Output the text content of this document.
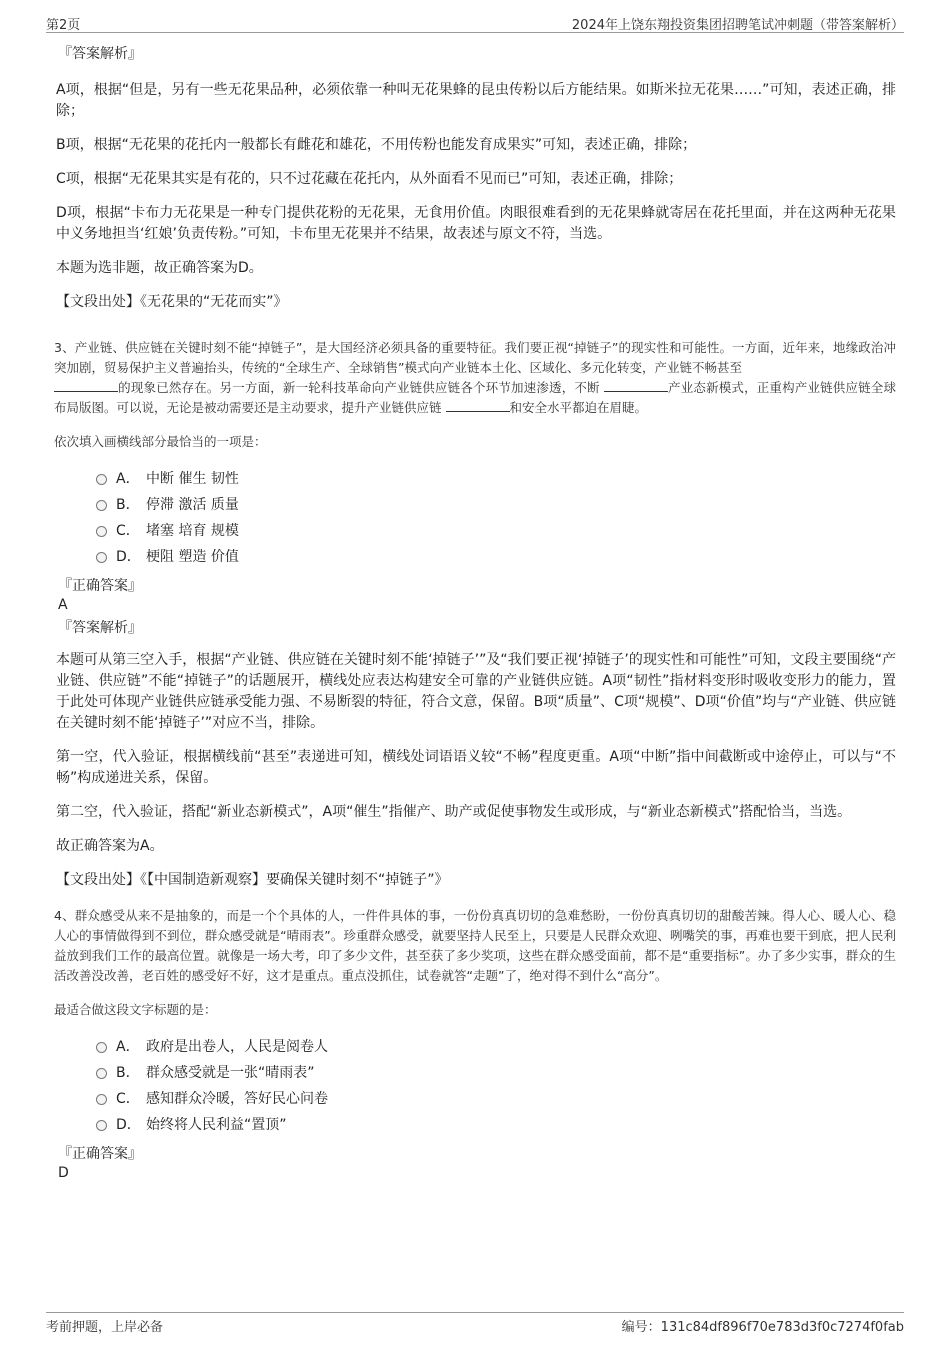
第2页	2024年上饶东翔投资集团招聘笔试冲刺题（带答案解析）
『答案解析』

A项，根据“但是，另有一些无花果品种，必须依靠一种叫无花果蜂的昆虫传粉以后方能结果。如斯米拉无花果……”可知，表述正确，排除；

B项，根据“无花果的花托内一般都长有雌花和雄花，不用传粉也能发育成果实”可知，表述正确，排除；

C项，根据“无花果其实是有花的，只不过花藏在花托内，从外面看不见而已”可知，表述正确，排除；

D项，根据“卡布力无花果是一种专门提供花粉的无花果，无食用价值。肉眼很难看到的无花果蜂就寄居在花托里面，并在这两种无花果中义务地担当‘红娘’负责传粉。”可知，卡布里无花果并不结果，故表述与原文不符，当选。

本题为选非题，故正确答案为D。

【文段出处】《无花果的“无花而实”》
3、产业链、供应链在关键时刻不能“掉链子”，是大国经济必须具备的重要特征。我们要正视“掉链子”的现实性和可能性。一方面，近年来，地缘政治冲突加剧，贸易保护主义普遍抬头，传统的“全球生产、全球销售”模式向产业链本土化、区域化、多元化转变，产业链不畅甚至
的现象已然存在。另一方面，新一轮科技革命向产业链供应链各个环节加速渗透，不断	产业态新模式，正重构产业链供应链全球布局版图。可以说，无论是被动需要还是主动要求，提升产业链供应链	和安全水平都迫在眉睫。
依次填入画横线部分最恰当的一项是：
A． 中断 催生 韧性
B． 停滞 激活 质量
C． 堵塞 培育 规模
D． 梗阻 塑造 价值
『正确答案』
A
『答案解析』

本题可从第三空入手，根据“产业链、供应链在关键时刻不能‘掉链子’”及“我们要正视‘掉链子’的现实性和可能性”可知，文段主要围绕“产业链、供应链”不能“掉链子”的话题展开，横线处应表达构建安全可靠的产业链供应链。A项“韧性”指材料变形时吸收变形力的能力，置于此处可体现产业链供应链承受能力强、不易断裂的特征，符合文意，保留。B项“质量”、C项“规模”、D项“价值”均与“产业链、供应链在关键时刻不能‘掉链子’”对应不当，排除。

第一空，代入验证，根据横线前“甚至”表递进可知，横线处词语语义较“不畅”程度更重。A项“中断”指中间截断或中途停止，可以与“不畅”构成递进关系，保留。

第二空，代入验证，搭配“新业态新模式”，A项“催生”指催产、助产或促使事物发生或形成，与“新业态新模式”搭配恰当，当选。

故正确答案为A。

【文段出处】《【中国制造新观察】要确保关键时刻不“掉链子”》
4、群众感受从来不是抽象的，而是一个个具体的人，一件件具体的事，一份份真真切切的急难愁盼，一份份真真切切的甜酸苦辣。得人心、暖人心、稳人心的事情做得到不到位，群众感受就是“晴雨表”。珍重群众感受，就要坚持人民至上，只要是人民群众欢迎、咧嘴笑的事，再难也要干到底，把人民利益放到我们工作的最高位置。就像是一场大考，印了多少文件，甚至获了多少奖项，这些在群众感受面前，都不是“重要指标”。办了多少实事，群众的生活改善没改善，老百姓的感受好不好，这才是重点。重点没抓住，试卷就答“走题”了，绝对得不到什么“高分”。
最适合做这段文字标题的是：
A． 政府是出卷人，人民是阅卷人
B． 群众感受就是一张“晴雨表”
C． 感知群众冷暖，答好民心问卷
D． 始终将人民利益“置顶”
『正确答案』
D
考前押题，上岸必备	编号：131c84df896f70e783d3f0c7274f0fab
